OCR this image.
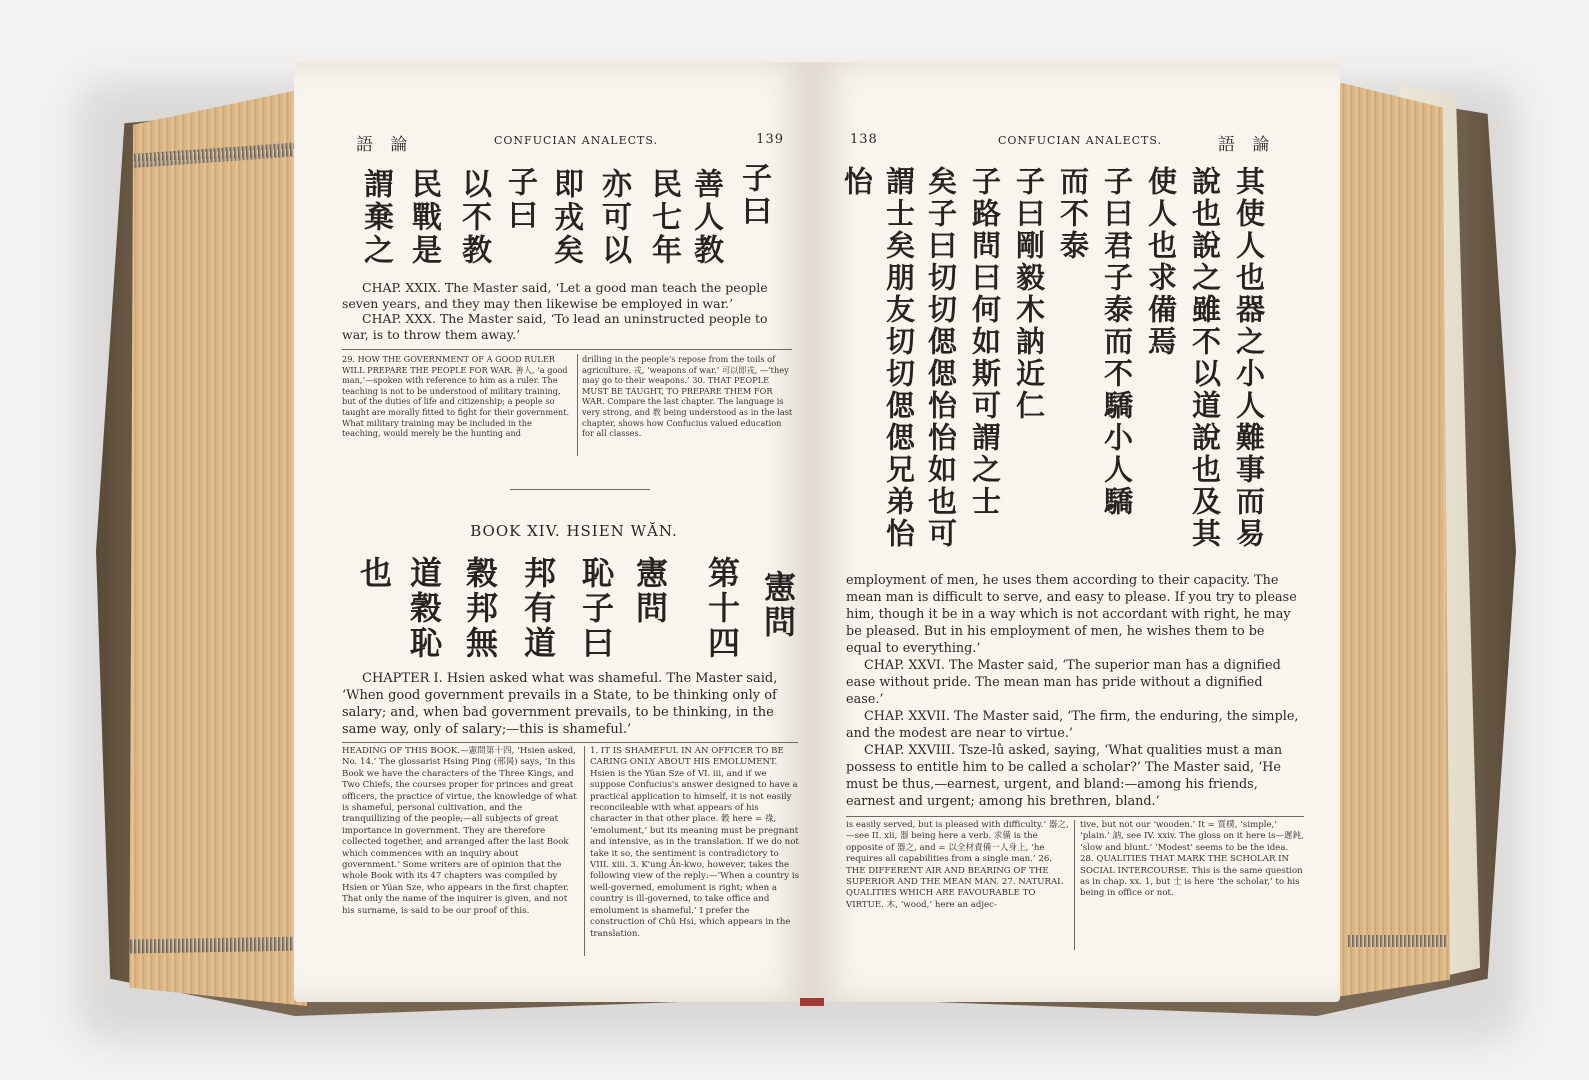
語 論	CONFUCIAN ANALECTS.	139
子曰
善人教
民七年
亦可以
即戎矣
子曰
以不教
民戰是
謂棄之
CHAP. XXIX. The Master said, ‘Let a good man teach the people seven years, and they may then likewise be employed in war.’
CHAP. XXX. The Master said, ‘To lead an uninstructed people to war, is to throw them away.’
29. HOW THE GOVERNMENT OF A GOOD RULER WILL PREPARE THE PEOPLE FOR WAR. 善人, ‘a good man,’—spoken with reference to him as a ruler. The teaching is not to be understood of military training, but of the duties of life and citizenship; a people so taught are morally fitted to fight for their government. What military training may be included in the teaching, would merely be the hunting and
drilling in the people's repose from the toils of agriculture. 戎, ‘weapons of war.’ 可以即戎, —‘they may go to their weapons.’ 30. THAT PEOPLE MUST BE TAUGHT, TO PREPARE THEM FOR WAR. Compare the last chapter. The language is very strong, and 教 being understood as in the last chapter, shows how Confucius valued education for all classes.
BOOK XIV. HSIEN WĂN.
憲問
第十四
憲問
恥子曰
邦有道
穀邦無
道穀恥
也
CHAPTER I. Hsien asked what was shameful. The Master said, ‘When good government prevails in a State, to be thinking only of salary; and, when bad government prevails, to be thinking, in the same way, only of salary;—this is shameful.’
HEADING OF THIS BOOK.—憲問第十四, ‘Hsien asked, No. 14.’ The glossarist Hsing Ping (邢昺) says, ‘In this Book we have the characters of the Three Kings, and Two Chiefs, the courses proper for princes and great officers, the practice of virtue, the knowledge of what is shameful, personal cultivation, and the tranquillizing of the people;—all subjects of great importance in government. They are therefore collected together, and arranged after the last Book which commences with an inquiry about government.’ Some writers are of opinion that the whole Book with its 47 chapters was compiled by Hsien or Yüan Sze, who appears in the first chapter. That only the name of the inquirer is given, and not his surname, is said to be our proof of this.
1. IT IS SHAMEFUL IN AN OFFICER TO BE CARING ONLY ABOUT HIS EMOLUMENT. Hsien is the Yüan Sze of VI. iii, and if we suppose Confucius's answer designed to have a practical application to himself, it is not easily reconcileable with what appears of his character in that other place. 穀 here = 祿, ‘emolument,’ but its meaning must be pregnant and intensive, as in the translation. If we do not take it so, the sentiment is contradictory to VIII. xiii. 3. K'ung Ân-kwo, however, takes the following view of the reply:—‘When a country is well-governed, emolument is right; when a country is ill-governed, to take office and emolument is shameful.’ I prefer the construction of Chû Hsi, which appears in the translation.
138	CONFUCIAN ANALECTS.	語 論
其使人也器之小人難事而易
說也說之雖不以道說也及其
使人也求備焉
子曰君子泰而不驕小人驕
而不泰
子曰剛毅木訥近仁
子路問曰何如斯可謂之士
矣子曰切切偲偲怡怡如也可
謂士矣朋友切切偲偲兄弟怡
怡
employment of men, he uses them according to their capacity. The mean man is difficult to serve, and easy to please. If you try to please him, though it be in a way which is not accordant with right, he may be pleased. But in his employment of men, he wishes them to be equal to everything.’
CHAP. XXVI. The Master said, ‘The superior man has a dignified ease without pride. The mean man has pride without a dignified ease.’
CHAP. XXVII. The Master said, ‘The firm, the enduring, the simple, and the modest are near to virtue.’
CHAP. XXVIII. Tsze-lû asked, saying, ‘What qualities must a man possess to entitle him to be called a scholar?’ The Master said, ‘He must be thus,—earnest, urgent, and bland:—among his friends, earnest and urgent; among his brethren, bland.’
is easily served, but is pleased with difficulty.’ 器之,—see II. xii, 器 being here a verb. 求備 is the opposite of 器之, and = 以全材責備一人身上, ‘he requires all capabilities from a single man.’ 26. THE DIFFERENT AIR AND BEARING OF THE SUPERIOR AND THE MEAN MAN. 27. NATURAL QUALITIES WHICH ARE FAVOURABLE TO VIRTUE. 木, ‘wood,’ here an adjec-
tive, but not our ‘wooden.’ It = 質樸, ‘simple,’ ‘plain.’ 訥, see IV. xxiv. The gloss on it here is—遲鈍, ‘slow and blunt.’ ‘Modest’ seems to be the idea. 28. QUALITIES THAT MARK THE SCHOLAR IN SOCIAL INTERCOURSE. This is the same question as in chap. xx. 1, but 士 is here ‘the scholar,’ to his being in office or not.
